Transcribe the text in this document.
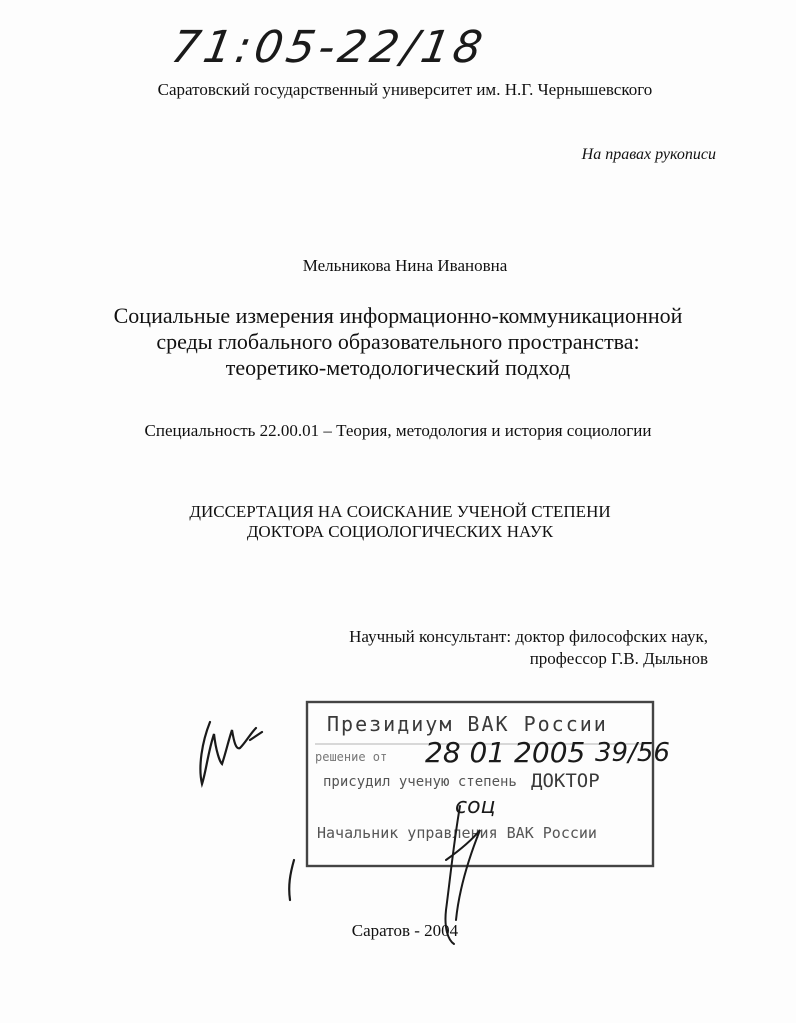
71:05-22/18

Саратовский государственный университет им. Н.Г. Чернышевского

На правах рукописи

Мельникова Нина Ивановна

Социальные измерения информационно-коммуникационной
среды глобального образовательного пространства:
теоретико-методологический подход

Специальность 22.00.01 – Теория, методология и история социологии

ДИССЕРТАЦИЯ НА СОИСКАНИЕ УЧЕНОЙ СТЕПЕНИ
ДОКТОРА СОЦИОЛОГИЧЕСКИХ НАУК
Научный консультант: доктор философских наук,
профессор Г.В. Дыльнов
Президиум ВАК России
решение от 28 01 2005 39/56
присудил ученую степень ДОКТОР
соц
Начальник управления ВАК России

Саратов - 2004
